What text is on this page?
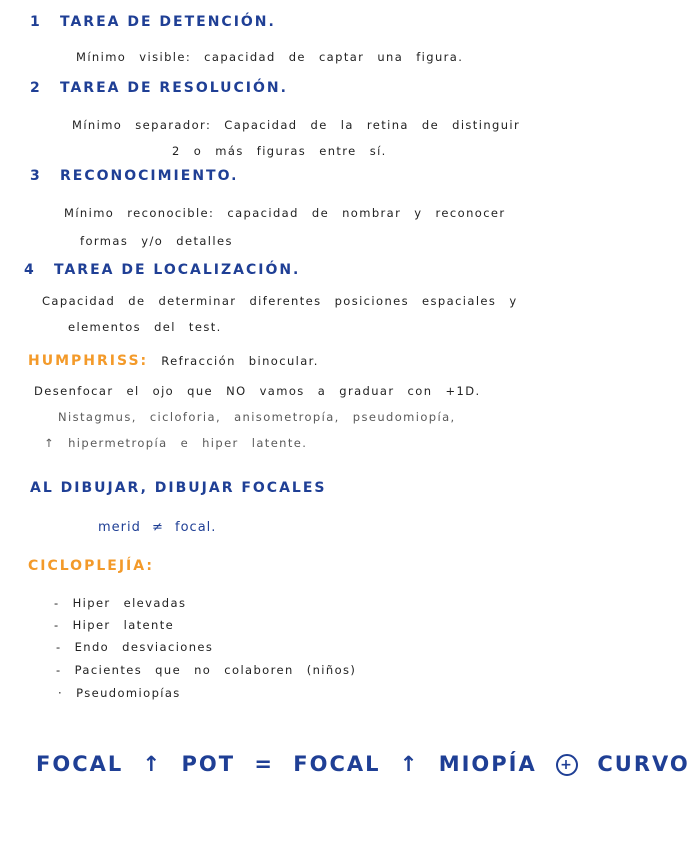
1 TAREA DE DETENCIÓN.
Mínimo visible: capacidad de captar una figura.
2 TAREA DE RESOLUCIÓN.
Mínimo separador: Capacidad de la retina de distinguir
2 o más figuras entre sí.
3 RECONOCIMIENTO.
Mínimo reconocible: capacidad de nombrar y reconocer
formas y/o detalles
4 TAREA DE LOCALIZACIÓN.
Capacidad de determinar diferentes posiciones espaciales y
elementos del test.
HUMPHRISS: Refracción binocular.
Desenfocar el ojo que NO vamos a graduar con +1D.
Nistagmus, cicloforia, anisometropía, pseudomiopía,
↑ hipermetropía e hiper latente.
AL DIBUJAR, DIBUJAR FOCALES
merid ≠ focal.
CICLOPLEJÍA:
- Hiper elevadas
- Hiper latente
- Endo desviaciones
- Pacientes que no colaboren (niños)
· Pseudomiopías
FOCAL ↑ POT = FOCAL ↑ MIOPÍA + CURVO
